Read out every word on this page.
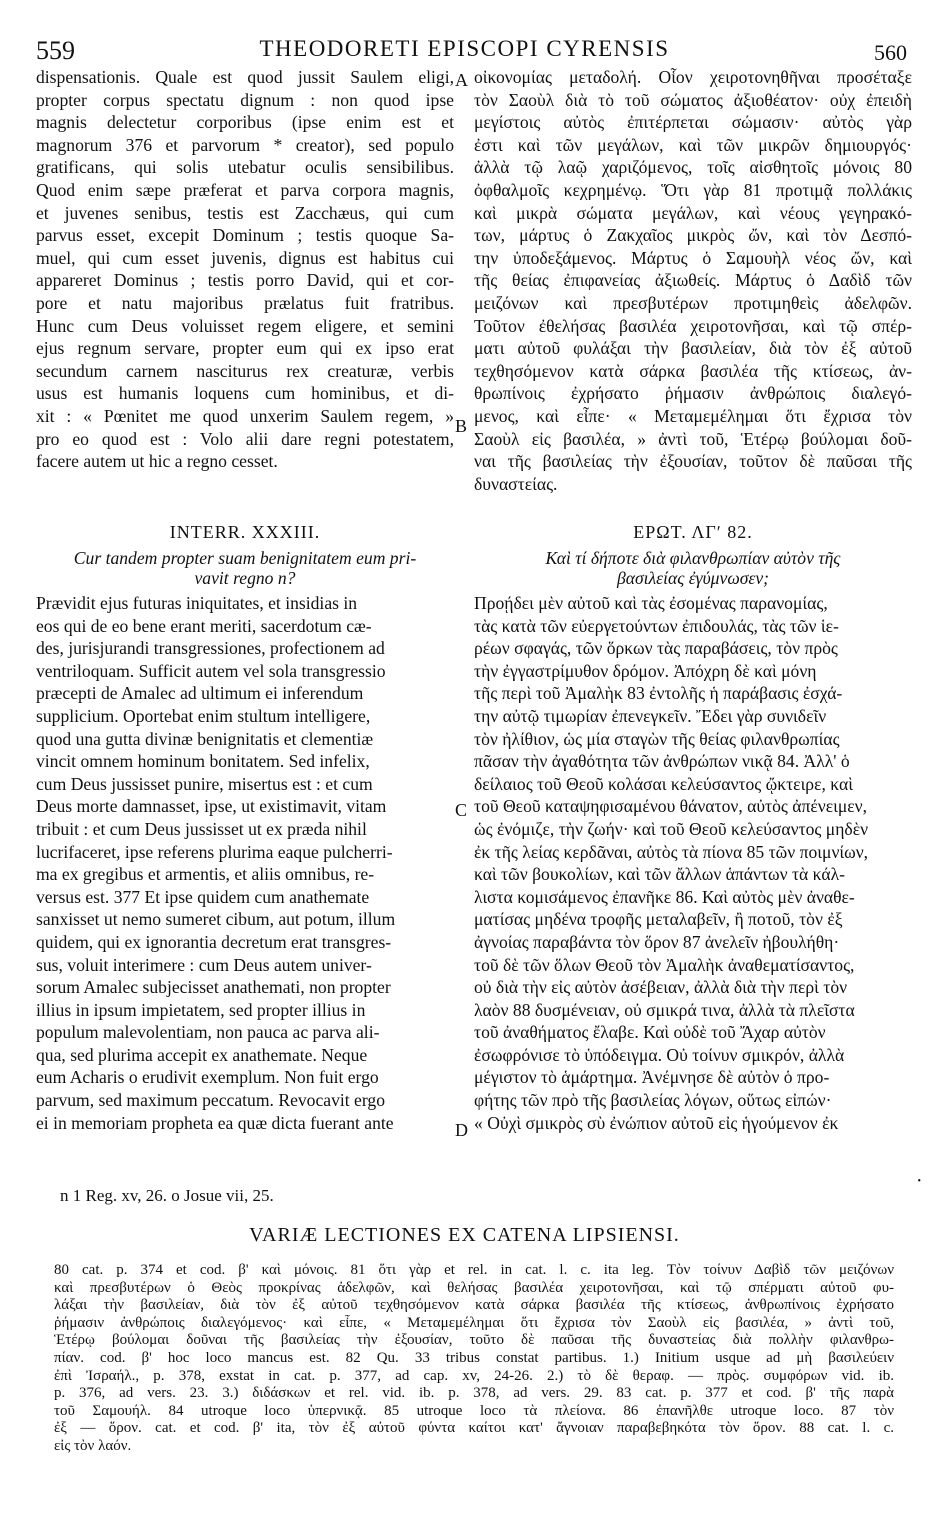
559	THEODORETI EPISCOPI CYRENSIS	560
A
B
C
D
dispensationis. Quale est quod jussit Saulem eligi,
propter corpus spectatu dignum : non quod ipse
magnis delectetur corporibus (ipse enim est et
magnorum 376 et parvorum * creator), sed populo
gratificans, qui solis utebatur oculis sensibilibus.
Quod enim sæpe præferat et parva corpora magnis,
et juvenes senibus, testis est Zacchæus, qui cum
parvus esset, excepit Dominum ; testis quoque Sa-
muel, qui cum esset juvenis, dignus est habitus cui
appareret Dominus ; testis porro David, qui et cor-
pore et natu majoribus prælatus fuit fratribus.
Hunc cum Deus voluisset regem eligere, et semini
ejus regnum servare, propter eum qui ex ipso erat
secundum carnem nasciturus rex creaturæ, verbis
usus est humanis loquens cum hominibus, et di-
xit : « Pœnitet me quod unxerim Saulem regem, »
pro eo quod est : Volo alii dare regni potestatem,
facere autem ut hic a regno cesset.
οἰκονομίας μεταδολή. Οἷον χειροτονηθῆναι προσέταξε
τὸν Σαοὺλ διὰ τὸ τοῦ σώματος ἀξιοθέατον· οὐχ ἐπειδὴ
μεγίστοις αὐτὸς ἐπιτέρπεται σώμασιν· αὐτὸς γὰρ
ἐστι καὶ τῶν μεγάλων, καὶ τῶν μικρῶν δημιουργός·
ἀλλὰ τῷ λαῷ χαριζόμενος, τοῖς αἰσθητοῖς μόνοις 80
ὀφθαλμοῖς κεχρημένῳ. Ὅτι γὰρ 81 προτιμᾷ πολλάκις
καὶ μικρὰ σώματα μεγάλων, καὶ νέους γεγηρακό-
των, μάρτυς ὁ Ζακχαῖος μικρὸς ὤν, καὶ τὸν Δεσπό-
την ὑποδεξάμενος. Μάρτυς ὁ Σαμουὴλ νέος ὤν, καὶ
τῆς θείας ἐπιφανείας ἀξιωθείς. Μάρτυς ὁ Δαδὶδ τῶν
μειζόνων καὶ πρεσβυτέρων προτιμηθεὶς ἀδελφῶν.
Τοῦτον ἐθελήσας βασιλέα χειροτονῆσαι, καὶ τῷ σπέρ-
ματι αὐτοῦ φυλάξαι τὴν βασιλείαν, διὰ τὸν ἐξ αὐτοῦ
τεχθησόμενον κατὰ σάρκα βασιλέα τῆς κτίσεως, ἀν-
θρωπίνοις ἐχρήσατο ῥήμασιν ἀνθρώποις διαλεγό-
μενος, καὶ εἶπε· « Μεταμεμέλημαι ὅτι ἔχρισα τὸν
Σαοὺλ εἰς βασιλέα, » ἀντὶ τοῦ, Ἑτέρῳ βούλομαι δοῦ-
ναι τῆς βασιλείας τὴν ἐξουσίαν, τοῦτον δὲ παῦσαι τῆς
δυναστείας.
INTERR. XXXIII.
Cur tandem propter suam benignitatem eum pri-
vavit regno n?
ΕΡΩΤ. ΛΓʹ 82.
Καὶ τί δήποτε διὰ φιλανθρωπίαν αὐτὸν τῆς
βασιλείας ἐγύμνωσεν;
Prævidit ejus futuras iniquitates, et insidias in
eos qui de eo bene erant meriti, sacerdotum cæ-
des, jurisjurandi transgressiones, profectionem ad
ventriloquam. Sufficit autem vel sola transgressio
præcepti de Amalec ad ultimum ei inferendum
supplicium. Oportebat enim stultum intelligere,
quod una gutta divinæ benignitatis et clementiæ
vincit omnem hominum bonitatem. Sed infelix,
cum Deus jussisset punire, misertus est : et cum
Deus morte damnasset, ipse, ut existimavit, vitam
tribuit : et cum Deus jussisset ut ex præda nihil
lucrifaceret, ipse referens plurima eaque pulcherri-
ma ex gregibus et armentis, et aliis omnibus, re-
versus est. 377 Et ipse quidem cum anathemate
sanxisset ut nemo sumeret cibum, aut potum, illum
quidem, qui ex ignorantia decretum erat transgres-
sus, voluit interimere : cum Deus autem univer-
sorum Amalec subjecisset anathemati, non propter
illius in ipsum impietatem, sed propter illius in
populum malevolentiam, non pauca ac parva ali-
qua, sed plurima accepit ex anathemate. Neque
eum Acharis o erudivit exemplum. Non fuit ergo
parvum, sed maximum peccatum. Revocavit ergo
ei in memoriam propheta ea quæ dicta fuerant ante
Προῄδει μὲν αὐτοῦ καὶ τὰς ἐσομένας παρανομίας,
τὰς κατὰ τῶν εὐεργετούντων ἐπιδουλάς, τὰς τῶν ἱε-
ρέων σφαγάς, τῶν ὅρκων τὰς παραβάσεις, τὸν πρὸς
τὴν ἐγγαστρίμυθον δρόμον. Ἀπόχρη δὲ καὶ μόνη
τῆς περὶ τοῦ Ἀμαλὴκ 83 ἐντολῆς ἡ παράβασις ἐσχά-
την αὐτῷ τιμωρίαν ἐπενεγκεῖν. Ἔδει γὰρ συνιδεῖν
τὸν ἠλίθιον, ὡς μία σταγὼν τῆς θείας φιλανθρωπίας
πᾶσαν τὴν ἀγαθότητα τῶν ἀνθρώπων νικᾷ 84. Ἀλλ' ὁ
δείλαιος τοῦ Θεοῦ κολάσαι κελεύσαντος ᾤκτειρε, καὶ
τοῦ Θεοῦ καταψηφισαμένου θάνατον, αὐτὸς ἀπένειμεν,
ὡς ἐνόμιζε, τὴν ζωήν· καὶ τοῦ Θεοῦ κελεύσαντος μηδὲν
ἐκ τῆς λείας κερδᾶναι, αὐτὸς τὰ πίονα 85 τῶν ποιμνίων,
καὶ τῶν βουκολίων, καὶ τῶν ἄλλων ἁπάντων τὰ κάλ-
λιστα κομισάμενος ἐπανῆκε 86. Καὶ αὐτὸς μὲν ἀναθε-
ματίσας μηδένα τροφῆς μεταλαβεῖν, ἢ ποτοῦ, τὸν ἐξ
ἀγνοίας παραβάντα τὸν ὅρον 87 ἀνελεῖν ἠβουλήθη·
τοῦ δὲ τῶν ὅλων Θεοῦ τὸν Ἀμαλὴκ ἀναθεματίσαντος,
οὐ διὰ τὴν εἰς αὐτὸν ἀσέβειαν, ἀλλὰ διὰ τὴν περὶ τὸν
λαὸν 88 δυσμένειαν, οὐ σμικρά τινα, ἀλλὰ τὰ πλεῖστα
τοῦ ἀναθήματος ἔλαβε. Καὶ οὐδὲ τοῦ Ἄχαρ αὐτὸν
ἐσωφρόνισε τὸ ὑπόδειγμα. Οὐ τοίνυν σμικρόν, ἀλλὰ
μέγιστον τὸ ἁμάρτημα. Ἀνέμνησε δὲ αὐτὸν ὁ προ-
φήτης τῶν πρὸ τῆς βασιλείας λόγων, οὕτως εἰπών·
« Οὐχὶ σμικρὸς σὺ ἐνώπιον αὐτοῦ εἰς ἡγούμενον ἐκ
n 1 Reg. xv, 26. o Josue vii, 25.
•
VARIÆ LECTIONES EX CATENA LIPSIENSI.
80 cat. p. 374 et cod. β' καὶ μόνοις. 81 ὅτι γὰρ et rel. in cat. l. c. ita leg. Τὸν τοίνυν Δαβὶδ τῶν μειζόνων
καὶ πρεσβυτέρων ὁ Θεὸς προκρίνας ἀδελφῶν, καὶ θελήσας βασιλέα χειροτονῆσαι, καὶ τῷ σπέρματι αὐτοῦ φυ-
λάξαι τὴν βασιλείαν, διὰ τὸν ἐξ αὐτοῦ τεχθησόμενον κατὰ σάρκα βασιλέα τῆς κτίσεως, ἀνθρωπίνοις ἐχρήσατο
ῥήμασιν ἀνθρώποις διαλεγόμενος· καὶ εἶπε, « Μεταμεμέλημαι ὅτι ἔχρισα τὸν Σαοὺλ εἰς βασιλέα, » ἀντὶ τοῦ,
Ἑτέρῳ βούλομαι δοῦναι τῆς βασιλείας τὴν ἐξουσίαν, τοῦτο δὲ παῦσαι τῆς δυναστείας διὰ πολλὴν φιλανθρω-
πίαν. cod. β' hoc loco mancus est. 82 Qu. 33 tribus constat partibus. 1.) Initium usque ad μὴ βασιλεύειν
ἐπὶ Ἰσραήλ., p. 378, exstat in cat. p. 377, ad cap. xv, 24-26. 2.) τὸ δὲ θεραφ. — πρὸς. συμφόρων vid. ib.
p. 376, ad vers. 23. 3.) διδάσκων et rel. vid. ib. p. 378, ad vers. 29. 83 cat. p. 377 et cod. β' τῆς παρὰ
τοῦ Σαμουήλ. 84 utroque loco ὑπερνικᾷ. 85 utroque loco τὰ πλείονα. 86 ἐπανῆλθε utroque loco. 87 τὸν
ἐξ — ὅρον. cat. et cod. β' ita, τὸν ἐξ αὐτοῦ φύντα καίτοι κατ' ἄγνοιαν παραβεβηκότα τὸν ὅρον. 88 cat. l. c.
εἰς τὸν λαόν.
